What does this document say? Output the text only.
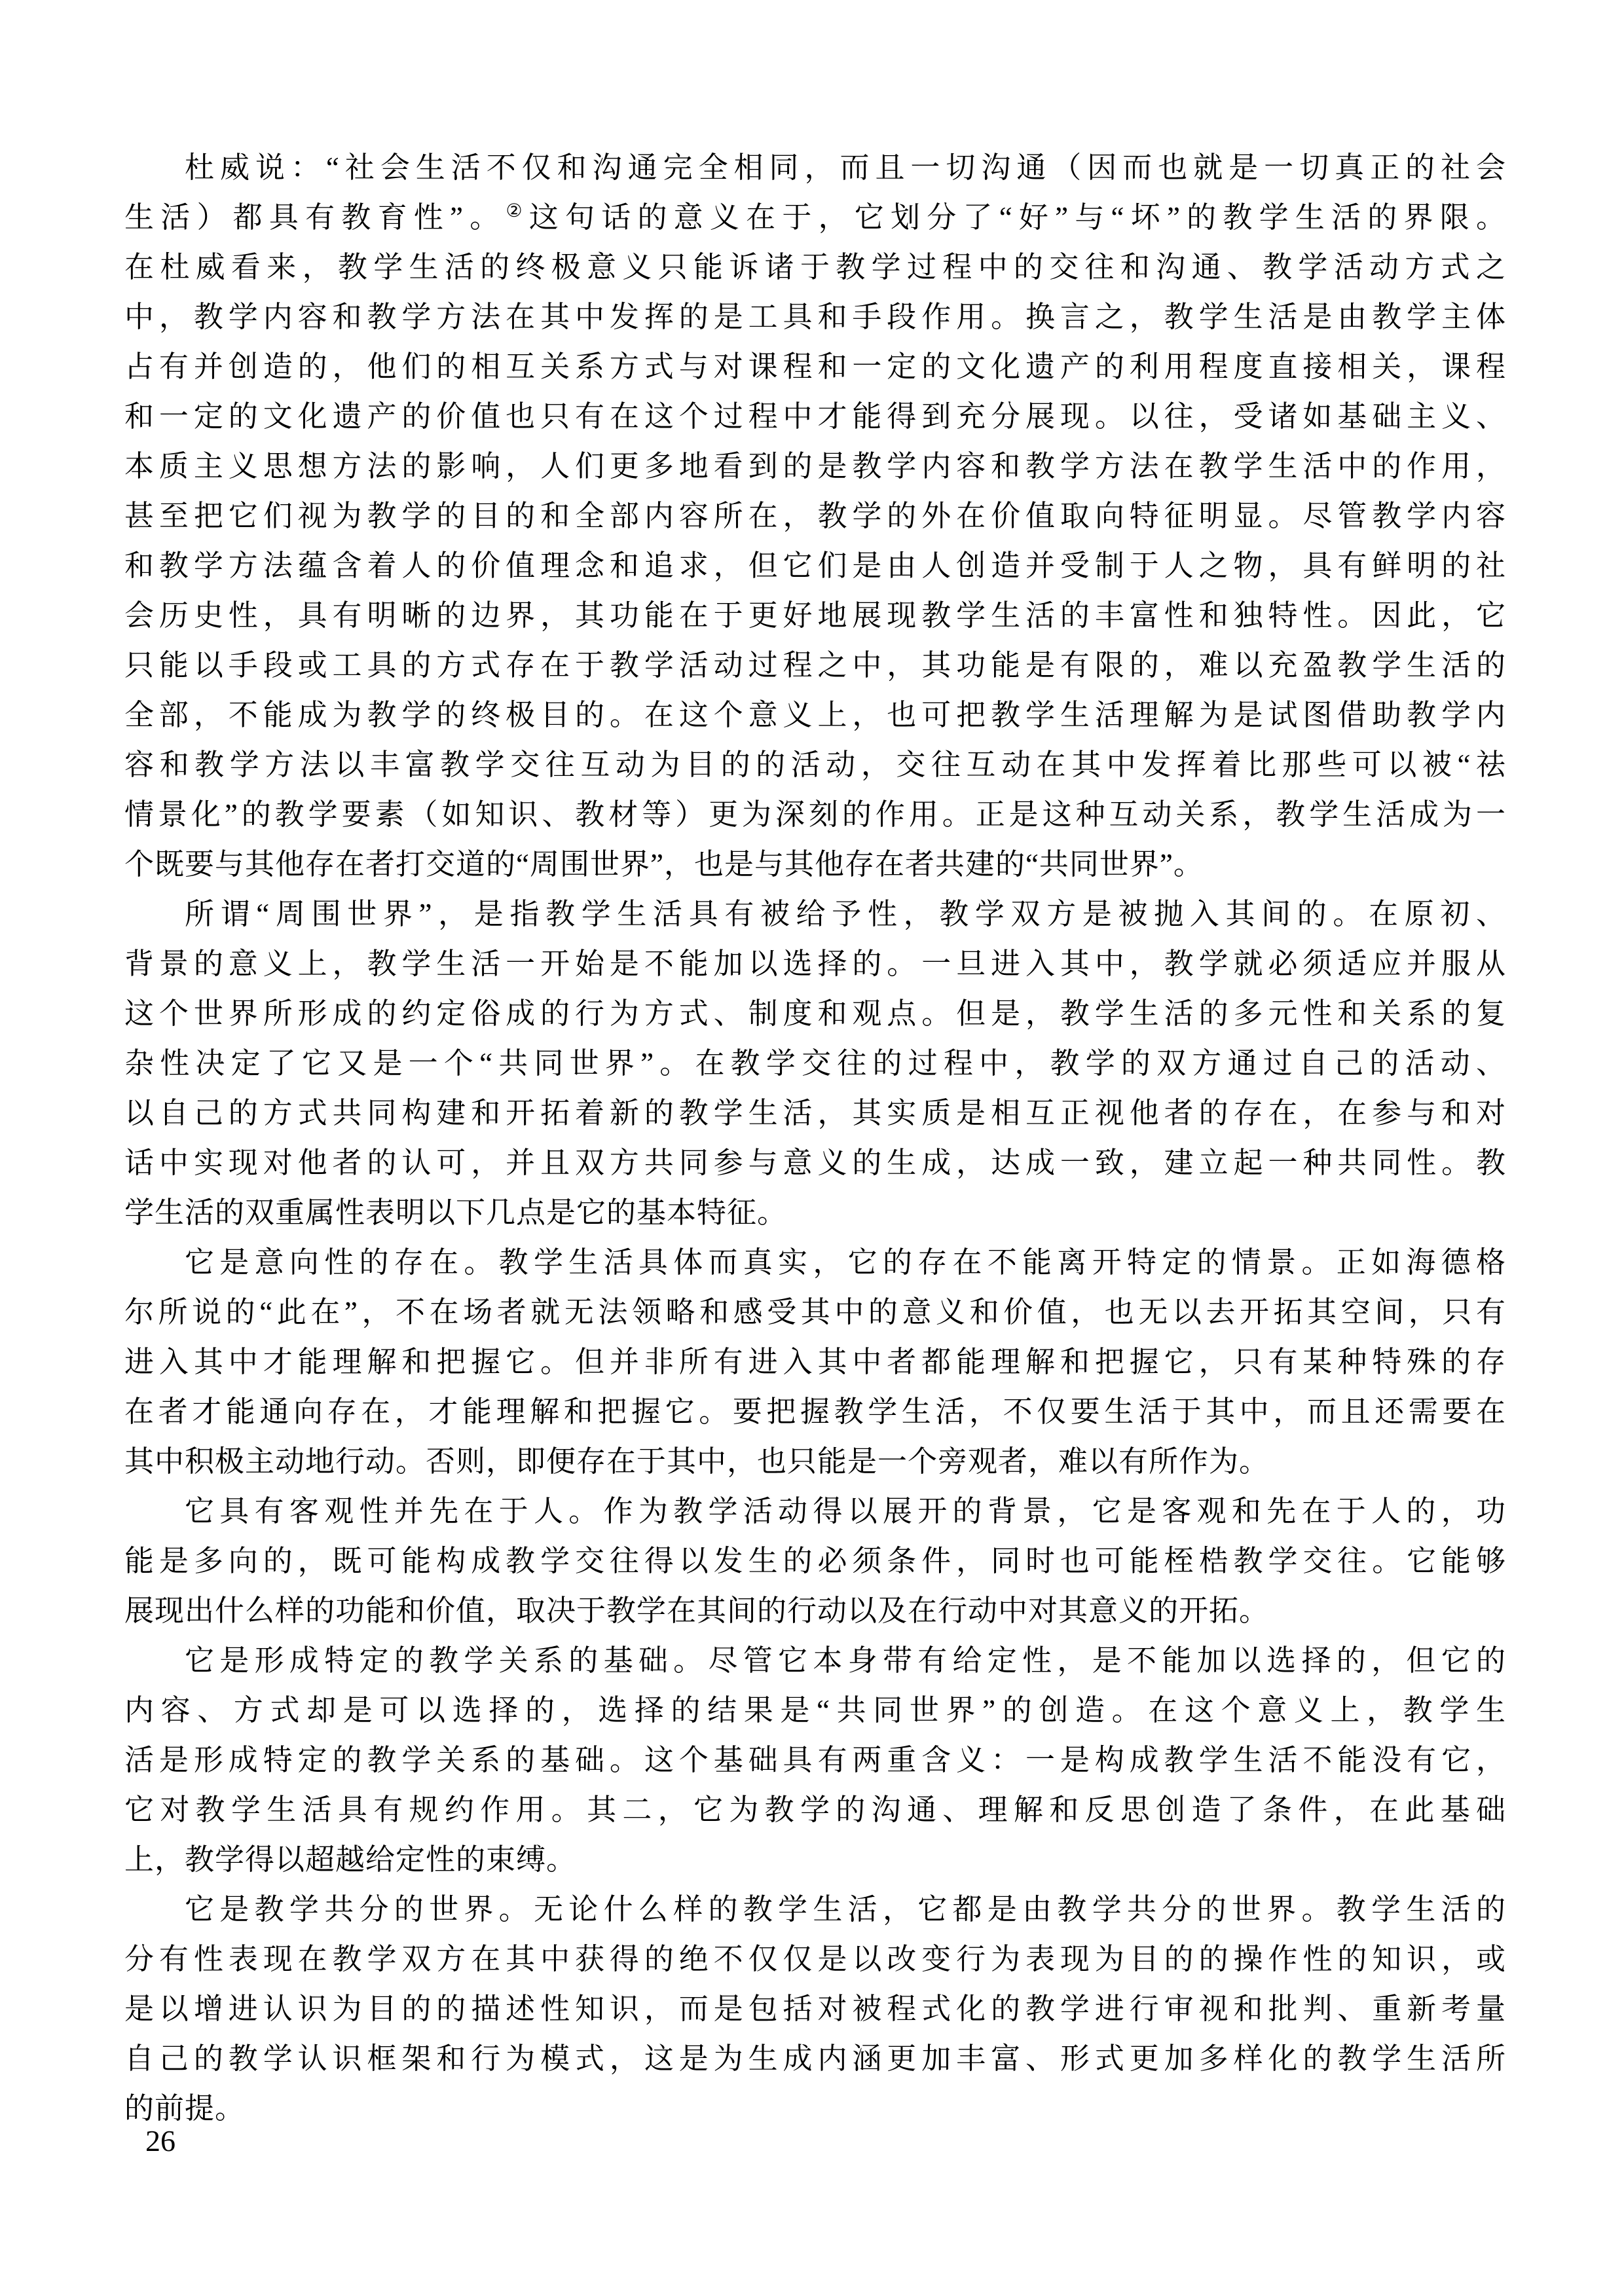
杜威说：“社会生活不仅和沟通完全相同，而且一切沟通（因而也就是一切真正的社会
生活）都具有教育性”。②这句话的意义在于，它划分了“好”与“坏”的教学生活的界限。
在杜威看来，教学生活的终极意义只能诉诸于教学过程中的交往和沟通、教学活动方式之
中，教学内容和教学方法在其中发挥的是工具和手段作用。换言之，教学生活是由教学主体
占有并创造的，他们的相互关系方式与对课程和一定的文化遗产的利用程度直接相关，课程
和一定的文化遗产的价值也只有在这个过程中才能得到充分展现。以往，受诸如基础主义、
本质主义思想方法的影响，人们更多地看到的是教学内容和教学方法在教学生活中的作用，
甚至把它们视为教学的目的和全部内容所在，教学的外在价值取向特征明显。尽管教学内容
和教学方法蕴含着人的价值理念和追求，但它们是由人创造并受制于人之物，具有鲜明的社
会历史性，具有明晰的边界，其功能在于更好地展现教学生活的丰富性和独特性。因此，它
只能以手段或工具的方式存在于教学活动过程之中，其功能是有限的，难以充盈教学生活的
全部，不能成为教学的终极目的。在这个意义上，也可把教学生活理解为是试图借助教学内
容和教学方法以丰富教学交往互动为目的的活动，交往互动在其中发挥着比那些可以被“祛
情景化”的教学要素（如知识、教材等）更为深刻的作用。正是这种互动关系，教学生活成为一
个既要与其他存在者打交道的“周围世界”，也是与其他存在者共建的“共同世界”。
所谓“周围世界”，是指教学生活具有被给予性，教学双方是被抛入其间的。在原初、
背景的意义上，教学生活一开始是不能加以选择的。一旦进入其中，教学就必须适应并服从
这个世界所形成的约定俗成的行为方式、制度和观点。但是，教学生活的多元性和关系的复
杂性决定了它又是一个“共同世界”。在教学交往的过程中，教学的双方通过自己的活动、
以自己的方式共同构建和开拓着新的教学生活，其实质是相互正视他者的存在，在参与和对
话中实现对他者的认可，并且双方共同参与意义的生成，达成一致，建立起一种共同性。教
学生活的双重属性表明以下几点是它的基本特征。
它是意向性的存在。教学生活具体而真实，它的存在不能离开特定的情景。正如海德格
尔所说的“此在”，不在场者就无法领略和感受其中的意义和价值，也无以去开拓其空间，只有
进入其中才能理解和把握它。但并非所有进入其中者都能理解和把握它，只有某种特殊的存
在者才能通向存在，才能理解和把握它。要把握教学生活，不仅要生活于其中，而且还需要在
其中积极主动地行动。否则，即便存在于其中，也只能是一个旁观者，难以有所作为。
它具有客观性并先在于人。作为教学活动得以展开的背景，它是客观和先在于人的，功
能是多向的，既可能构成教学交往得以发生的必须条件，同时也可能桎梏教学交往。它能够
展现出什么样的功能和价值，取决于教学在其间的行动以及在行动中对其意义的开拓。
它是形成特定的教学关系的基础。尽管它本身带有给定性，是不能加以选择的，但它的
内容、方式却是可以选择的，选择的结果是“共同世界”的创造。在这个意义上，教学生
活是形成特定的教学关系的基础。这个基础具有两重含义：一是构成教学生活不能没有它，
它对教学生活具有规约作用。其二，它为教学的沟通、理解和反思创造了条件，在此基础
上，教学得以超越给定性的束缚。
它是教学共分的世界。无论什么样的教学生活，它都是由教学共分的世界。教学生活的
分有性表现在教学双方在其中获得的绝不仅仅是以改变行为表现为目的的操作性的知识，或
是以增进认识为目的的描述性知识，而是包括对被程式化的教学进行审视和批判、重新考量
自己的教学认识框架和行为模式，这是为生成内涵更加丰富、形式更加多样化的教学生活所
的前提。
26
